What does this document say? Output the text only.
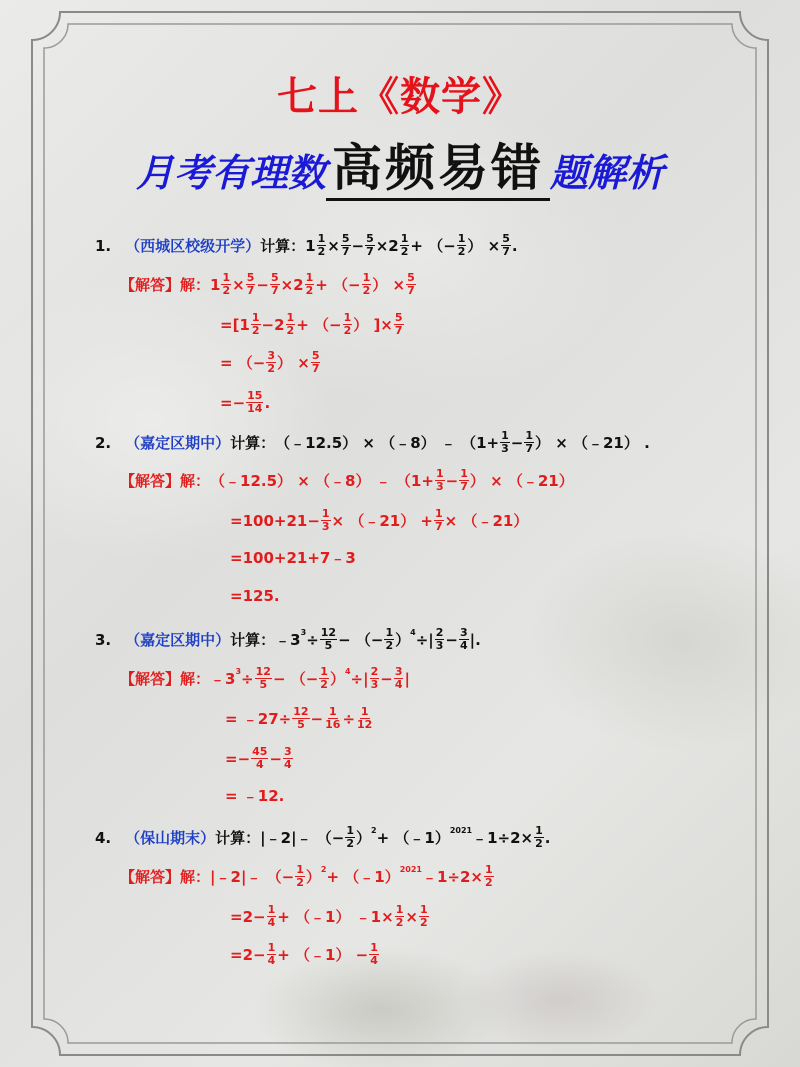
七上《数学》
月考有理数 高频易错 题解析
1. （西城区校级开学） 计算： $1 \frac{1}{2} \times \frac{5}{7} - \frac{5}{7} \times 2 \frac{1}{2}$ + （− $\frac{1}{2}$ ） × $\frac{5}{7}$ .
【解答】 解： $1 \frac{1}{2} \times \frac{5}{7} - \frac{5}{7} \times 2 \frac{1}{2}$ + （− $\frac{1}{2}$ ） × $\frac{5}{7}$
$=[1 \frac{1}{2} -2 \frac{1}{2}$ + （− $\frac{1}{2}$ ） ]× $\frac{5}{7}$
= （− $\frac{3}{2}$ ） × $\frac{5}{7}$
=− $\frac{15}{14}$ .
2. （嘉定区期中） 计算： （﹣12.5） × （﹣8） ﹣ （$1+ \frac{1}{3} - \frac{1}{7}$ ） × （﹣21） .
【解答】 解： （﹣12.5） × （﹣8） ﹣ （$1+ \frac{1}{3} - \frac{1}{7}$ ） × （﹣21）
$=100+21- \frac{1}{3}$ × （﹣21） + $\frac{1}{7}$ × （﹣21）
=100+21+7﹣3
=125.
3. （嘉定区期中） 计算： ﹣3 $3 \div \frac{12}{5}$ − （− $\frac{1}{2}$ ） 4 ÷| $\frac{2}{3} - \frac{3}{4}$ |.
【解答】 解： ﹣3 $3 \div \frac{12}{5}$ − （− $\frac{1}{2}$ ） 4 ÷| $\frac{2}{3} - \frac{3}{4}$ |
= ﹣27÷ $\frac{12}{5} - \frac{1}{16} \div \frac{1}{12}$
=− $\frac{45}{4} - \frac{3}{4}$
= ﹣12.
4. （保山期末） 计算： |﹣2|﹣ （− $\frac{1}{2}$ ） 2 + （﹣1） 2021 ﹣1÷2× $\frac{1}{2}$ .
【解答】 解： |﹣2|﹣ （− $\frac{1}{2}$ ） 2 + （﹣1） 2021 ﹣1÷2× $\frac{1}{2}$
$=2- \frac{1}{4}$ + （﹣1） ﹣1× $\frac{1}{2} \times \frac{1}{2}$
$=2- \frac{1}{4}$ + （﹣1） − $\frac{1}{4}$
